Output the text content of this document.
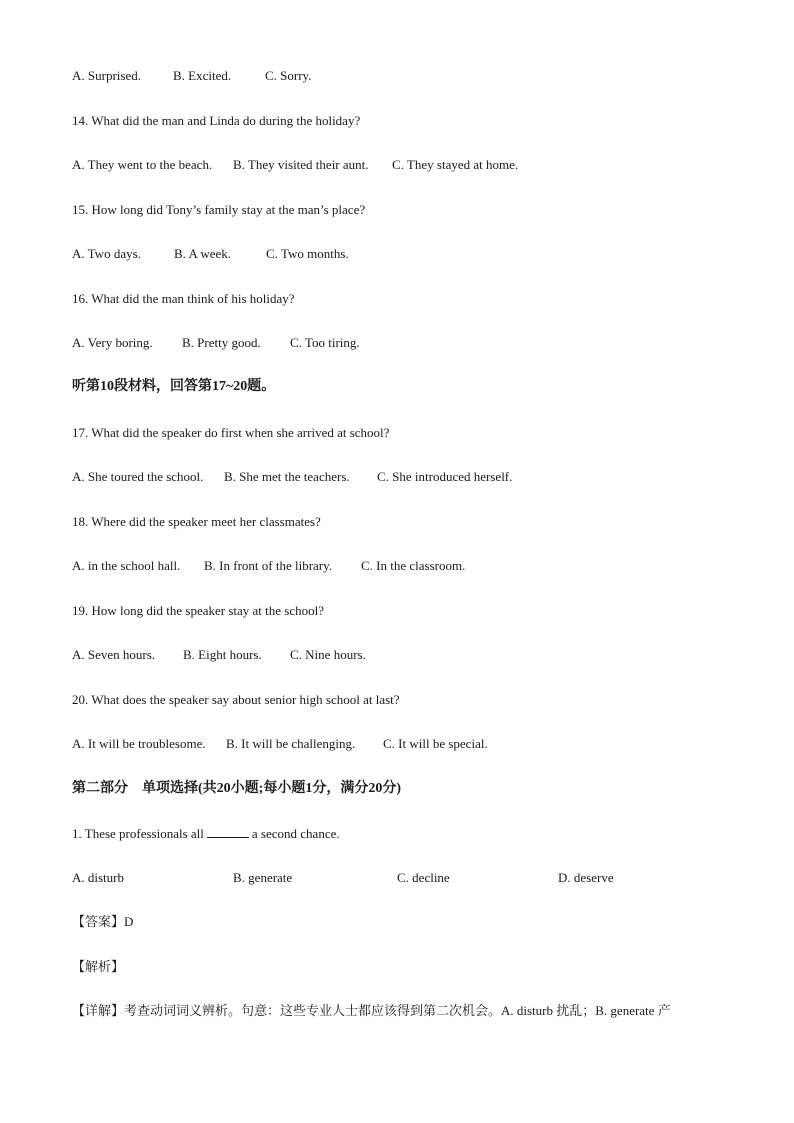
A. Surprised. B. Excited.	C. Sorry.
14. What did the man and Linda do during the holiday?
A. They went to the beach. B. They visited their aunt. C. They stayed at home.
15. How long did Tony’s family stay at the man’s place?
A. Two days.	B. A week.	C. Two months.
16. What did the man think of his holiday?
A. Very boring. B. Pretty good. C. Too tiring.
听第10段材料，回答第17~20题。
17. What did the speaker do first when she arrived at school?
A. She toured the school. B. She met the teachers. C. She introduced herself.
18. Where did the speaker meet her classmates?
A. in the school hall. B. In front of the library. C. In the classroom.
19. How long did the speaker stay at the school?
A. Seven hours. B. Eight hours. C. Nine hours.
20. What does the speaker say about senior high school at last?
A. It will be troublesome. B. It will be challenging. C. It will be special.
第二部分　单项选择(共20小题;每小题1分，满分20分)
1. These professionals all	a second chance.
A. disturb	B. generate	C. decline	D. deserve
【答案】D
【解析】
【详解】考查动词词义辨析。句意：这些专业人士都应该得到第二次机会。A. disturb 扰乱；B. generate 产
